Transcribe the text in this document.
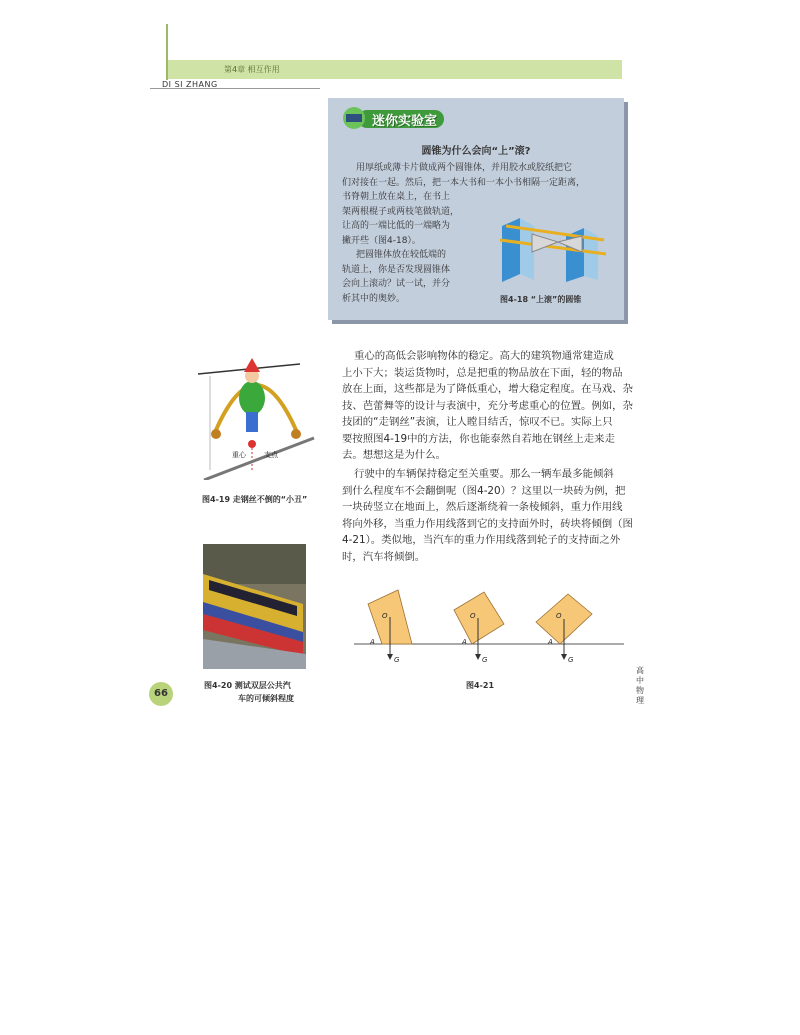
第4章 相互作用
DI SI ZHANG
迷你实验室
圆锥为什么会向“上”滚?
用厚纸或薄卡片做成两个圆锥体，并用胶水或胶纸把它
们对接在一起。然后，把一本大书和一本小书相隔一定距离，
书脊朝上放在桌上，在书上
架两根棍子或两枝笔做轨道，
让高的一端比低的一端略为
撇开些（图4-18）。
把圆锥体放在较低端的
轨道上，你是否发现圆锥体
会向上滚动？试一试，并分
析其中的奥妙。	图4-18 “上滚”的圆锥
重心	支点
图4-19 走钢丝不倒的“小丑”
图4-20 测试双层公共汽
车的可倾斜程度
重心的高低会影响物体的稳定。高大的建筑物通常建造成
上小下大；装运货物时，总是把重的物品放在下面，轻的物品
放在上面，这些都是为了降低重心，增大稳定程度。在马戏、杂
技、芭蕾舞等的设计与表演中，充分考虑重心的位置。例如，杂
技团的“走钢丝”表演，让人瞠目结舌，惊叹不已。实际上只
要按照图4-19中的方法，你也能泰然自若地在钢丝上走来走
去。想想这是为什么。
行驶中的车辆保持稳定至关重要。那么一辆车最多能倾斜
到什么程度车不会翻倒呢（图4-20）？这里以一块砖为例，把
一块砖竖立在地面上，然后逐渐绕着一条棱倾斜，重力作用线
将向外移，当重力作用线落到它的支持面外时，砖块将倾倒（图
4-21）。类似地，当汽车的重力作用线落到轮子的支持面之外
时，汽车将倾倒。
O
A
G
O
A
G
O
A
G
图4-21
66
高
中
物
理
